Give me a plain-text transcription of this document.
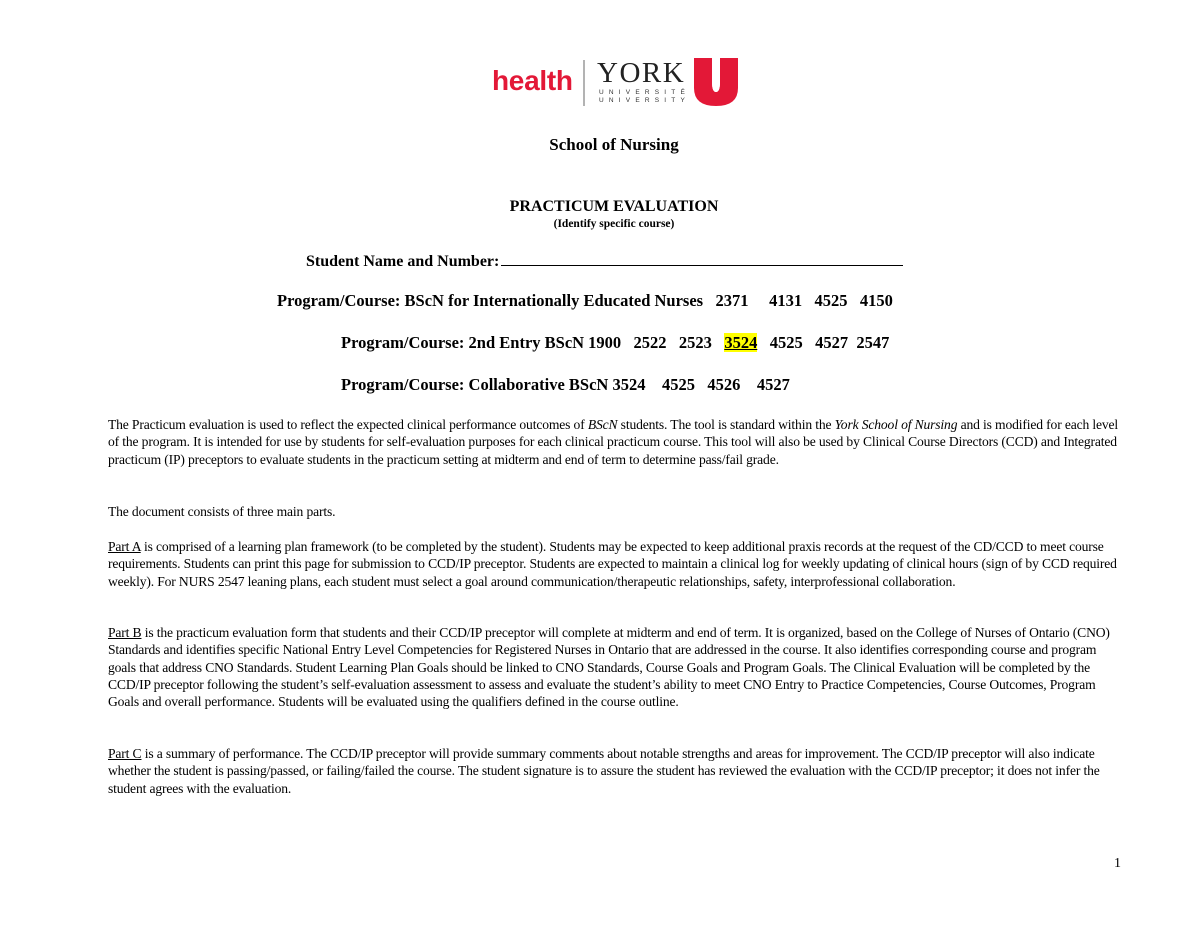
health YORK
UNIVERSITÉ
UNIVERSITY
School of Nursing
PRACTICUM EVALUATION
(Identify specific course)
Student Name and Number:
Program/Course: BScN for Internationally Educated Nurses   2371     4131   4525   4150
Program/Course: 2nd Entry BScN 1900   2522   2523   3524   4525   4527  2547
Program/Course: Collaborative BScN 3524    4525   4526    4527
The Practicum evaluation is used to reflect the expected clinical performance outcomes of BScN students. The tool is standard within the York School of Nursing and is modified for each level of the program. It is intended for use by students for self-evaluation purposes for each clinical practicum course. This tool will also be used by Clinical Course Directors (CCD) and Integrated practicum (IP) preceptors to evaluate students in the practicum setting at midterm and end of term to determine pass/fail grade.
The document consists of three main parts.
Part A is comprised of a learning plan framework (to be completed by the student). Students may be expected to keep additional praxis records at the request of the CD/CCD to meet course requirements. Students can print this page for submission to CCD/IP preceptor. Students are expected to maintain a clinical log for weekly updating of clinical hours (sign of by CCD required weekly). For NURS 2547 leaning plans, each student must select a goal around communication/therapeutic relationships, safety, interprofessional collaboration.
Part B is the practicum evaluation form that students and their CCD/IP preceptor will complete at midterm and end of term. It is organized, based on the College of Nurses of Ontario (CNO) Standards and identifies specific National Entry Level Competencies for Registered Nurses in Ontario that are addressed in the course. It also identifies corresponding course and program goals that address CNO Standards. Student Learning Plan Goals should be linked to CNO Standards, Course Goals and Program Goals. The Clinical Evaluation will be completed by the CCD/IP preceptor following the student’s self-evaluation assessment to assess and evaluate the student’s ability to meet CNO Entry to Practice Competencies, Course Outcomes, Program Goals and overall performance. Students will be evaluated using the qualifiers defined in the course outline.
Part C is a summary of performance. The CCD/IP preceptor will provide summary comments about notable strengths and areas for improvement. The CCD/IP preceptor will also indicate whether the student is passing/passed, or failing/failed the course. The student signature is to assure the student has reviewed the evaluation with the CCD/IP preceptor; it does not infer the student agrees with the evaluation.
1
